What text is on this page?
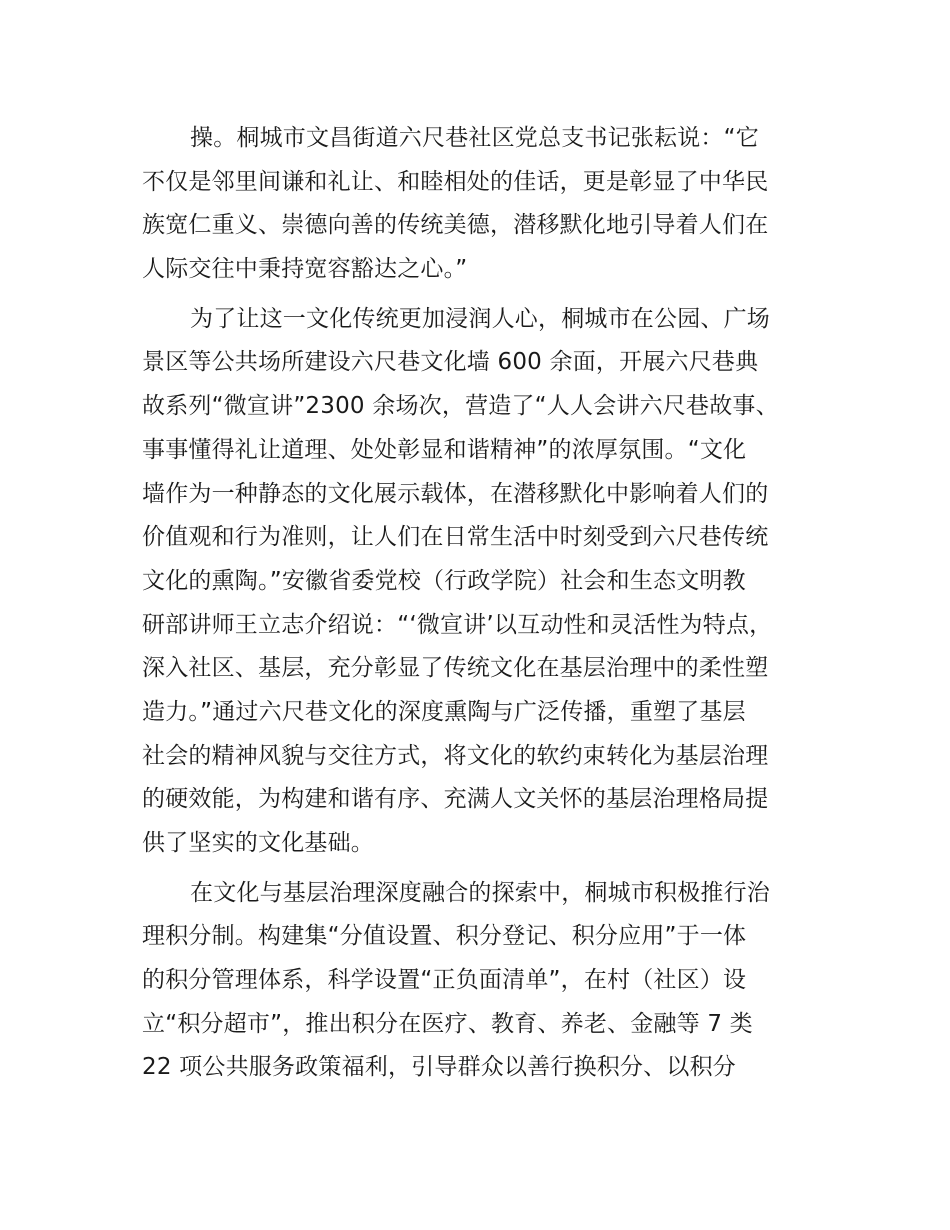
操。桐城市文昌街道六尺巷社区党总支书记张耘说：“它
不仅是邻里间谦和礼让、和睦相处的佳话，更是彰显了中华民
族宽仁重义、崇德向善的传统美德，潜移默化地引导着人们在
人际交往中秉持宽容豁达之心。”
为了让这一文化传统更加浸润人心，桐城市在公园、广场
景区等公共场所建设六尺巷文化墙 600 余面，开展六尺巷典
故系列“微宣讲”2300 余场次，营造了“人人会讲六尺巷故事、
事事懂得礼让道理、处处彰显和谐精神”的浓厚氛围。“文化
墙作为一种静态的文化展示载体，在潜移默化中影响着人们的
价值观和行为准则，让人们在日常生活中时刻受到六尺巷传统
文化的熏陶。”安徽省委党校（行政学院）社会和生态文明教
研部讲师王立志介绍说：“‘微宣讲’以互动性和灵活性为特点，
深入社区、基层，充分彰显了传统文化在基层治理中的柔性塑
造力。”通过六尺巷文化的深度熏陶与广泛传播，重塑了基层
社会的精神风貌与交往方式，将文化的软约束转化为基层治理
的硬效能，为构建和谐有序、充满人文关怀的基层治理格局提
供了坚实的文化基础。
在文化与基层治理深度融合的探索中，桐城市积极推行治
理积分制。构建集“分值设置、积分登记、积分应用”于一体
的积分管理体系，科学设置“正负面清单”，在村（社区）设
立“积分超市”，推出积分在医疗、教育、养老、金融等 7 类
22 项公共服务政策福利，引导群众以善行换积分、以积分
